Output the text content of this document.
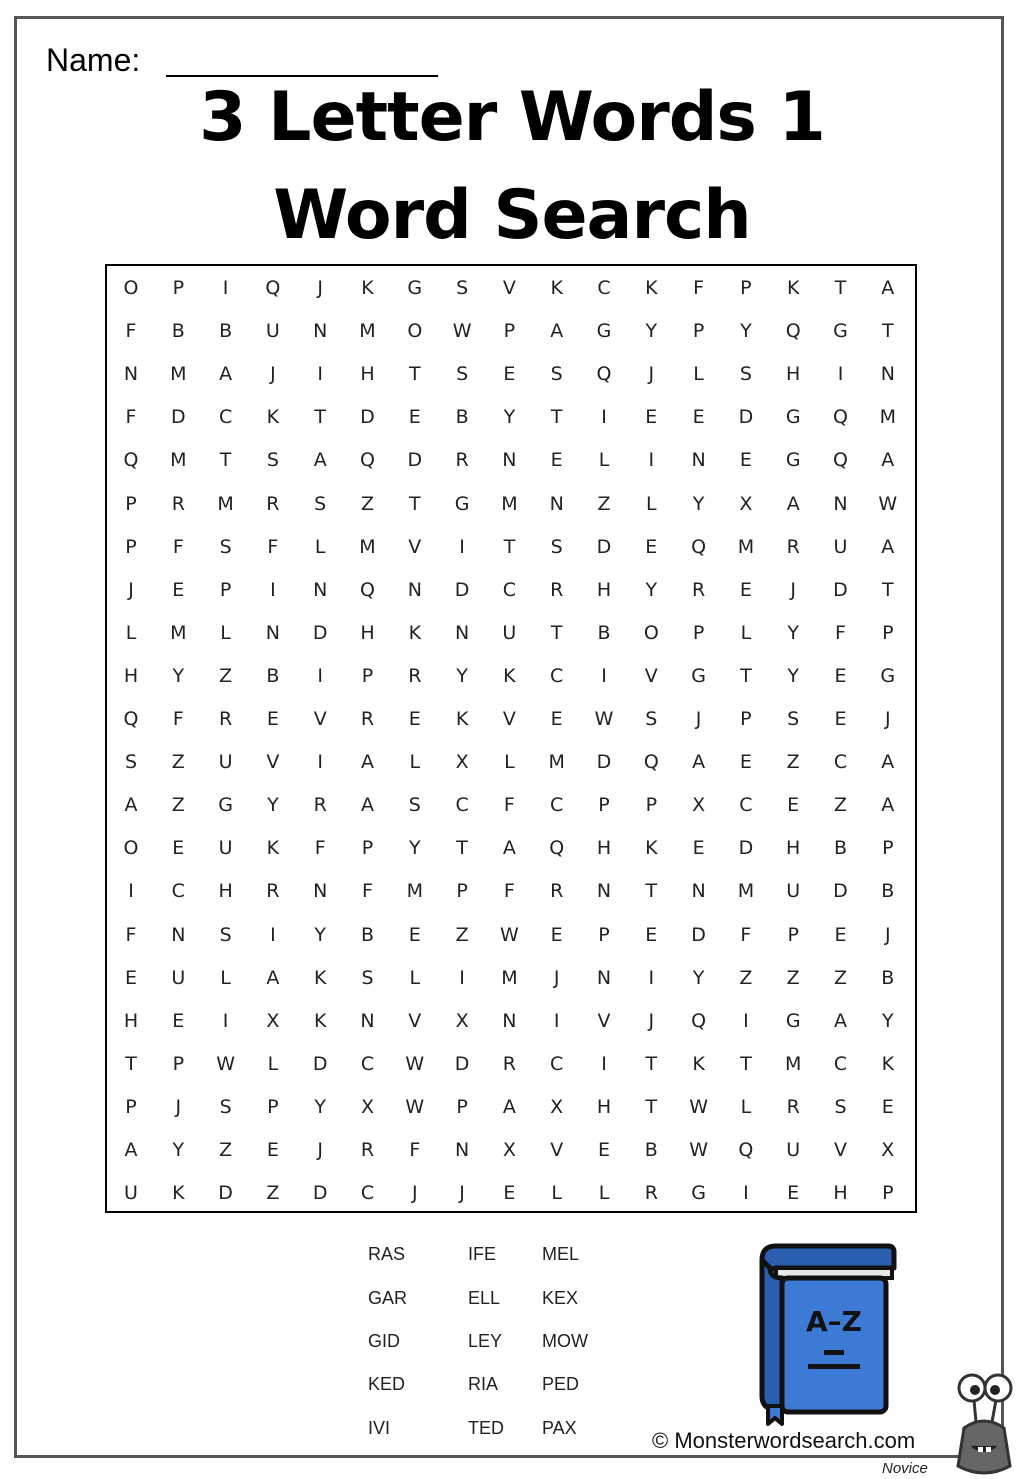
Name:
3 Letter Words 1
Word Search
O	P	I	Q	J	K	G	S	V	K	C	K	F	P	K	T	A
F	B	B	U	N	M	O	W	P	A	G	Y	P	Y	Q	G	T
N	M	A	J	I	H	T	S	E	S	Q	J	L	S	H	I	N
F	D	C	K	T	D	E	B	Y	T	I	E	E	D	G	Q	M
Q	M	T	S	A	Q	D	R	N	E	L	I	N	E	G	Q	A
P	R	M	R	S	Z	T	G	M	N	Z	L	Y	X	A	N	W
P	F	S	F	L	M	V	I	T	S	D	E	Q	M	R	U	A
J	E	P	I	N	Q	N	D	C	R	H	Y	R	E	J	D	T
L	M	L	N	D	H	K	N	U	T	B	O	P	L	Y	F	P
H	Y	Z	B	I	P	R	Y	K	C	I	V	G	T	Y	E	G
Q	F	R	E	V	R	E	K	V	E	W	S	J	P	S	E	J
S	Z	U	V	I	A	L	X	L	M	D	Q	A	E	Z	C	A
A	Z	G	Y	R	A	S	C	F	C	P	P	X	C	E	Z	A
O	E	U	K	F	P	Y	T	A	Q	H	K	E	D	H	B	P
I	C	H	R	N	F	M	P	F	R	N	T	N	M	U	D	B
F	N	S	I	Y	B	E	Z	W	E	P	E	D	F	P	E	J
E	U	L	A	K	S	L	I	M	J	N	I	Y	Z	Z	Z	B
H	E	I	X	K	N	V	X	N	I	V	J	Q	I	G	A	Y
T	P	W	L	D	C	W	D	R	C	I	T	K	T	M	C	K
P	J	S	P	Y	X	W	P	A	X	H	T	W	L	R	S	E
A	Y	Z	E	J	R	F	N	X	V	E	B	W	Q	U	V	X
U	K	D	Z	D	C	J	J	E	L	L	R	G	I	E	H	P
RAS
GAR
GID
KED
IVI
IFE
ELL
LEY
RIA
TED
MEL
KEX
MOW
PED
PAX
A–Z
© Monsterwordsearch.com
Novice
